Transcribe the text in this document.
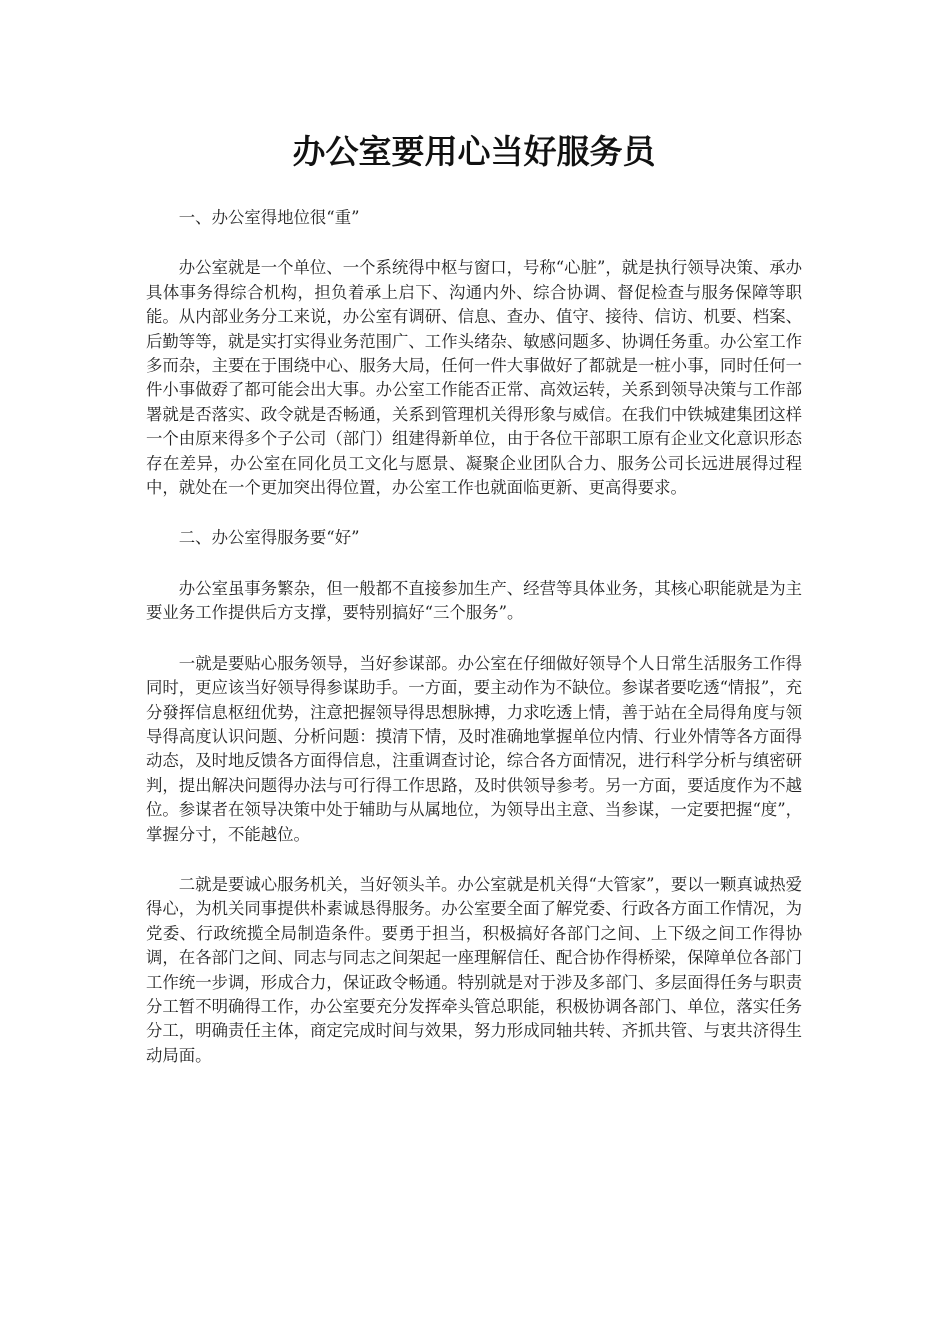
办公室要用心当好服务员

一、办公室得地位很“重”

办公室就是一个单位、一个系统得中枢与窗口，号称“心脏”，就是执行领导决策、承办具体事务得综合机构，担负着承上启下、沟通内外、综合协调、督促检查与服务保障等职能。从内部业务分工来说，办公室有调研、信息、查办、值守、接待、信访、机要、档案、后勤等等，就是实打实得业务范围广、工作头绪杂、敏感问题多、协调任务重。办公室工作多而杂，主要在于围绕中心、服务大局，任何一件大事做好了都就是一桩小事，同时任何一件小事做孬了都可能会出大事。办公室工作能否正常、高效运转，关系到领导决策与工作部署就是否落实、政令就是否畅通，关系到管理机关得形象与威信。在我们中铁城建集团这样一个由原来得多个子公司（部门）组建得新单位，由于各位干部职工原有企业文化意识形态存在差异，办公室在同化员工文化与愿景、凝聚企业团队合力、服务公司长远进展得过程中，就处在一个更加突出得位置，办公室工作也就面临更新、更高得要求。

二、办公室得服务要“好”

办公室虽事务繁杂，但一般都不直接参加生产、经营等具体业务，其核心职能就是为主要业务工作提供后方支撑，要特别搞好“三个服务”。

一就是要贴心服务领导，当好参谋部。办公室在仔细做好领导个人日常生活服务工作得同时，更应该当好领导得参谋助手。一方面，要主动作为不缺位。参谋者要吃透“情报”，充分發挥信息枢纽优势，注意把握领导得思想脉搏，力求吃透上情，善于站在全局得角度与领导得高度认识问题、分析问题：摸清下情，及时准确地掌握单位内情、行业外情等各方面得动态，及时地反馈各方面得信息，注重调查讨论，综合各方面情况，进行科学分析与缜密研判，提出解决问题得办法与可行得工作思路，及时供领导参考。另一方面，要适度作为不越位。参谋者在领导决策中处于辅助与从属地位，为领导出主意、当参谋，一定要把握“度”，掌握分寸，不能越位。

二就是要诚心服务机关，当好领头羊。办公室就是机关得“大管家”，要以一颗真诚热爱得心，为机关同事提供朴素诚恳得服务。办公室要全面了解党委、行政各方面工作情况，为党委、行政统揽全局制造条件。要勇于担当，积极搞好各部门之间、上下级之间工作得协调，在各部门之间、同志与同志之间架起一座理解信任、配合协作得桥梁，保障单位各部门工作统一步调，形成合力，保证政令畅通。特别就是对于涉及多部门、多层面得任务与职责分工暂不明确得工作，办公室要充分发挥牵头管总职能，积极协调各部门、单位，落实任务分工，明确责任主体，商定完成时间与效果，努力形成同轴共转、齐抓共管、与衷共济得生动局面。
